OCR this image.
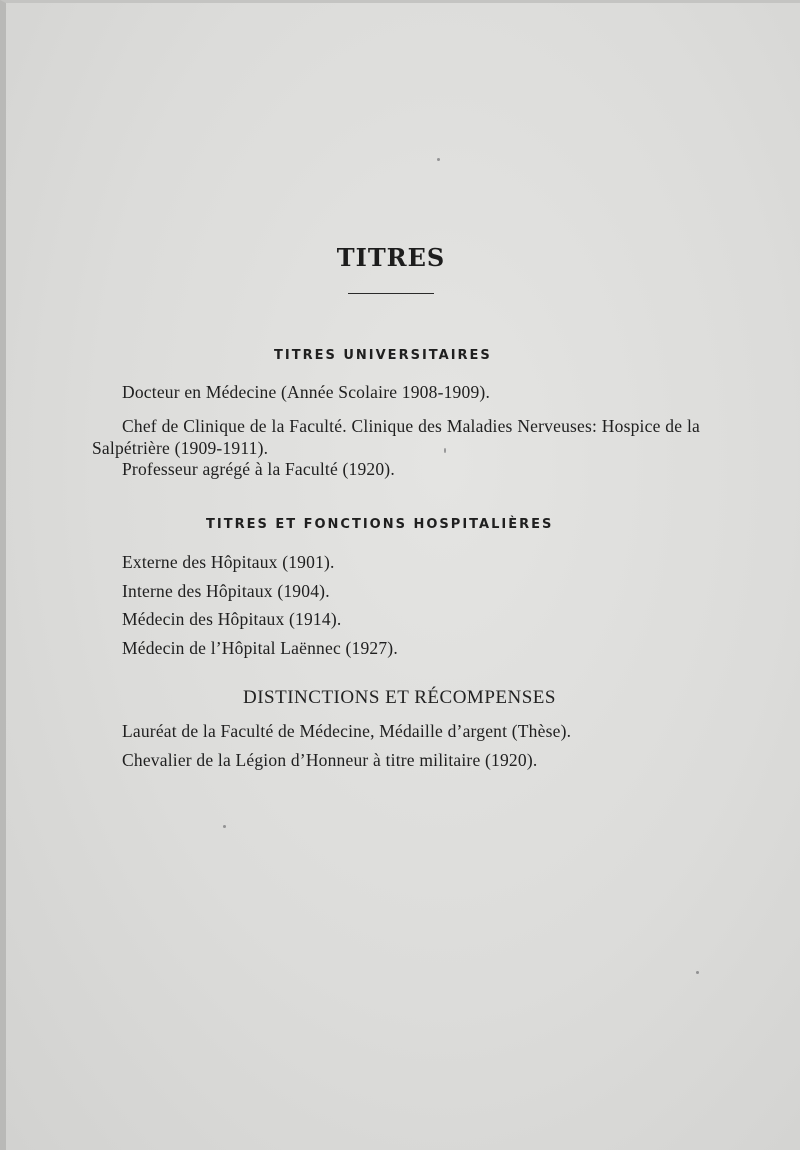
TITRES
TITRES UNIVERSITAIRES
Docteur en Médecine (Année Scolaire 1908-1909).
Chef de Clinique de la Faculté. Clinique des Maladies Nerveuses: Hospice de la Salpétrière (1909-1911).
Professeur agrégé à la Faculté (1920).
TITRES ET FONCTIONS HOSPITALIÈRES
Externe des Hôpitaux (1901).
Interne des Hôpitaux (1904).
Médecin des Hôpitaux (1914).
Médecin de l’Hôpital Laënnec (1927).
DISTINCTIONS ET RÉCOMPENSES
Lauréat de la Faculté de Médecine, Médaille d’argent (Thèse).
Chevalier de la Légion d’Honneur à titre militaire (1920).
